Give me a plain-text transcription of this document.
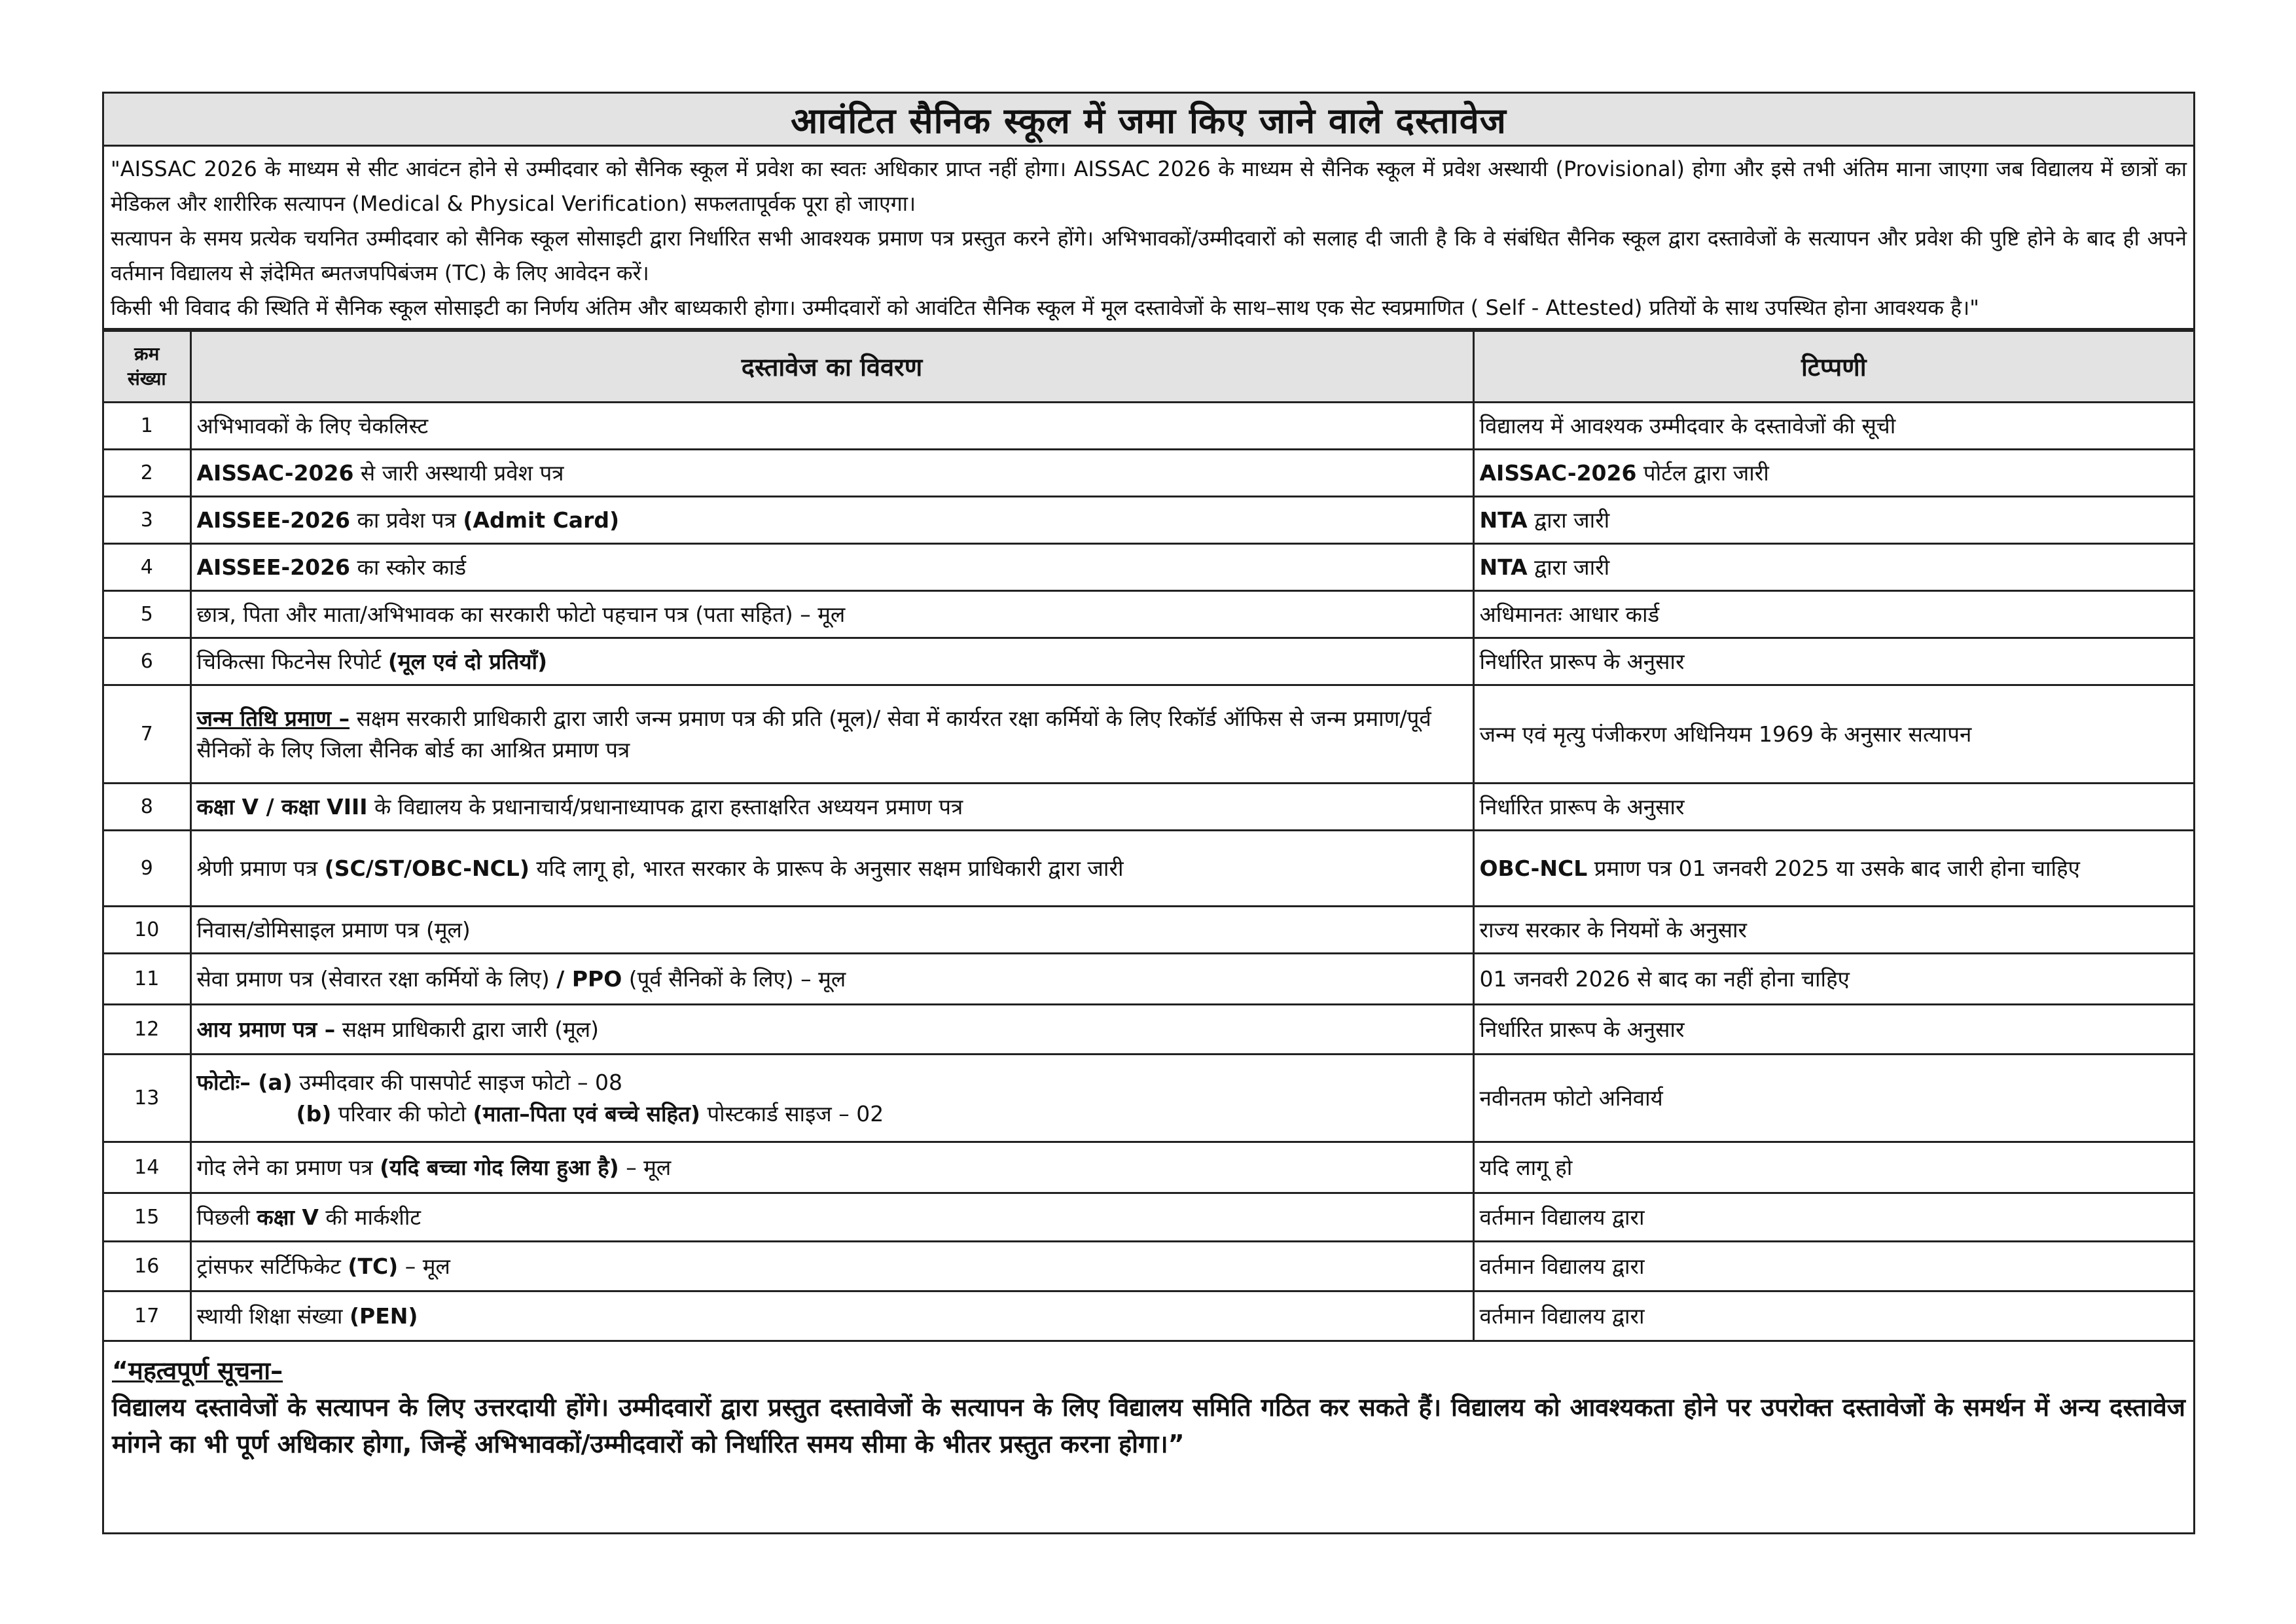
आवंटित सैनिक स्कूल में जमा किए जाने वाले दस्तावेज

"AISSAC 2026 के माध्यम से सीट आवंटन होने से उम्मीदवार को सैनिक स्कूल में प्रवेश का स्वतः अधिकार प्राप्त नहीं होगा। AISSAC 2026 के माध्यम से सैनिक स्कूल में प्रवेश अस्थायी (Provisional) होगा और इसे तभी अंतिम माना जाएगा जब विद्यालय में छात्रों का मेडिकल और शारीरिक सत्यापन (Medical & Physical Verification) सफलतापूर्वक पूरा हो जाएगा।

सत्यापन के समय प्रत्येक चयनित उम्मीदवार को सैनिक स्कूल सोसाइटी द्वारा निर्धारित सभी आवश्यक प्रमाण पत्र प्रस्तुत करने होंगे। अभिभावकों/उम्मीदवारों को सलाह दी जाती है कि वे संबंधित सैनिक स्कूल द्वारा दस्तावेजों के सत्यापन और प्रवेश की पुष्टि होने के बाद ही अपने वर्तमान विद्यालय से ज्ञंदेमित ब्मतजपपिबंजम (TC) के लिए आवेदन करें।

किसी भी विवाद की स्थिति में सैनिक स्कूल सोसाइटी का निर्णय अंतिम और बाध्यकारी होगा। उम्मीदवारों को आवंटित सैनिक स्कूल में मूल दस्तावेजों के साथ–साथ एक सेट स्वप्रमाणित ( Self - Attested) प्रतियों के साथ उपस्थित होना आवश्यक है।"

क्रम
संख्या	दस्तावेज का विवरण	टिप्पणी
1	अभिभावकों के लिए चेकलिस्ट	विद्यालय में आवश्यक उम्मीदवार के दस्तावेजों की सूची
2	AISSAC-2026 से जारी अस्थायी प्रवेश पत्र	AISSAC-2026 पोर्टल द्वारा जारी
3	AISSEE-2026 का प्रवेश पत्र (Admit Card)	NTA द्वारा जारी
4	AISSEE-2026 का स्कोर कार्ड	NTA द्वारा जारी
5	छात्र, पिता और माता/अभिभावक का सरकारी फोटो पहचान पत्र (पता सहित) – मूल	अधिमानतः आधार कार्ड
6	चिकित्सा फिटनेस रिपोर्ट (मूल एवं दो प्रतियाँ)	निर्धारित प्रारूप के अनुसार
7	जन्म तिथि प्रमाण – सक्षम सरकारी प्राधिकारी द्वारा जारी जन्म प्रमाण पत्र की प्रति (मूल)/ सेवा में कार्यरत रक्षा कर्मियों के लिए रिकॉर्ड ऑफिस से जन्म प्रमाण/पूर्व सैनिकों के लिए जिला सैनिक बोर्ड का आश्रित प्रमाण पत्र	जन्म एवं मृत्यु पंजीकरण अधिनियम 1969 के अनुसार सत्यापन
8	कक्षा V / कक्षा VIII के विद्यालय के प्रधानाचार्य/प्रधानाध्यापक द्वारा हस्ताक्षरित अध्ययन प्रमाण पत्र	निर्धारित प्रारूप के अनुसार
9	श्रेणी प्रमाण पत्र (SC/ST/OBC-NCL) यदि लागू हो, भारत सरकार के प्रारूप के अनुसार सक्षम प्राधिकारी द्वारा जारी	OBC-NCL प्रमाण पत्र 01 जनवरी 2025 या उसके बाद जारी होना चाहिए
10	निवास/डोमिसाइल प्रमाण पत्र (मूल)	राज्य सरकार के नियमों के अनुसार
11	सेवा प्रमाण पत्र (सेवारत रक्षा कर्मियों के लिए) / PPO (पूर्व सैनिकों के लिए) – मूल	01 जनवरी 2026 से बाद का नहीं होना चाहिए
12	आय प्रमाण पत्र – सक्षम प्राधिकारी द्वारा जारी (मूल)	निर्धारित प्रारूप के अनुसार
13	फोटोः– (a) उम्मीदवार की पासपोर्ट साइज फोटो – 08
(b) परिवार की फोटो (माता–पिता एवं बच्चे सहित) पोस्टकार्ड साइज – 02	नवीनतम फोटो अनिवार्य
14	गोद लेने का प्रमाण पत्र (यदि बच्चा गोद लिया हुआ है) – मूल	यदि लागू हो
15	पिछली कक्षा V की मार्कशीट	वर्तमान विद्यालय द्वारा
16	ट्रांसफर सर्टिफिकेट (TC) – मूल	वर्तमान विद्यालय द्वारा
17	स्थायी शिक्षा संख्या (PEN)	वर्तमान विद्यालय द्वारा

“महत्वपूर्ण सूचना–

विद्यालय दस्तावेजों के सत्यापन के लिए उत्तरदायी होंगे। उम्मीदवारों द्वारा प्रस्तुत दस्तावेजों के सत्यापन के लिए विद्यालय समिति गठित कर सकते हैं। विद्यालय को आवश्यकता होने पर उपरोक्त दस्तावेजों के समर्थन में अन्य दस्तावेज मांगने का भी पूर्ण अधिकार होगा, जिन्हें अभिभावकों/उम्मीदवारों को निर्धारित समय सीमा के भीतर प्रस्तुत करना होगा।”
